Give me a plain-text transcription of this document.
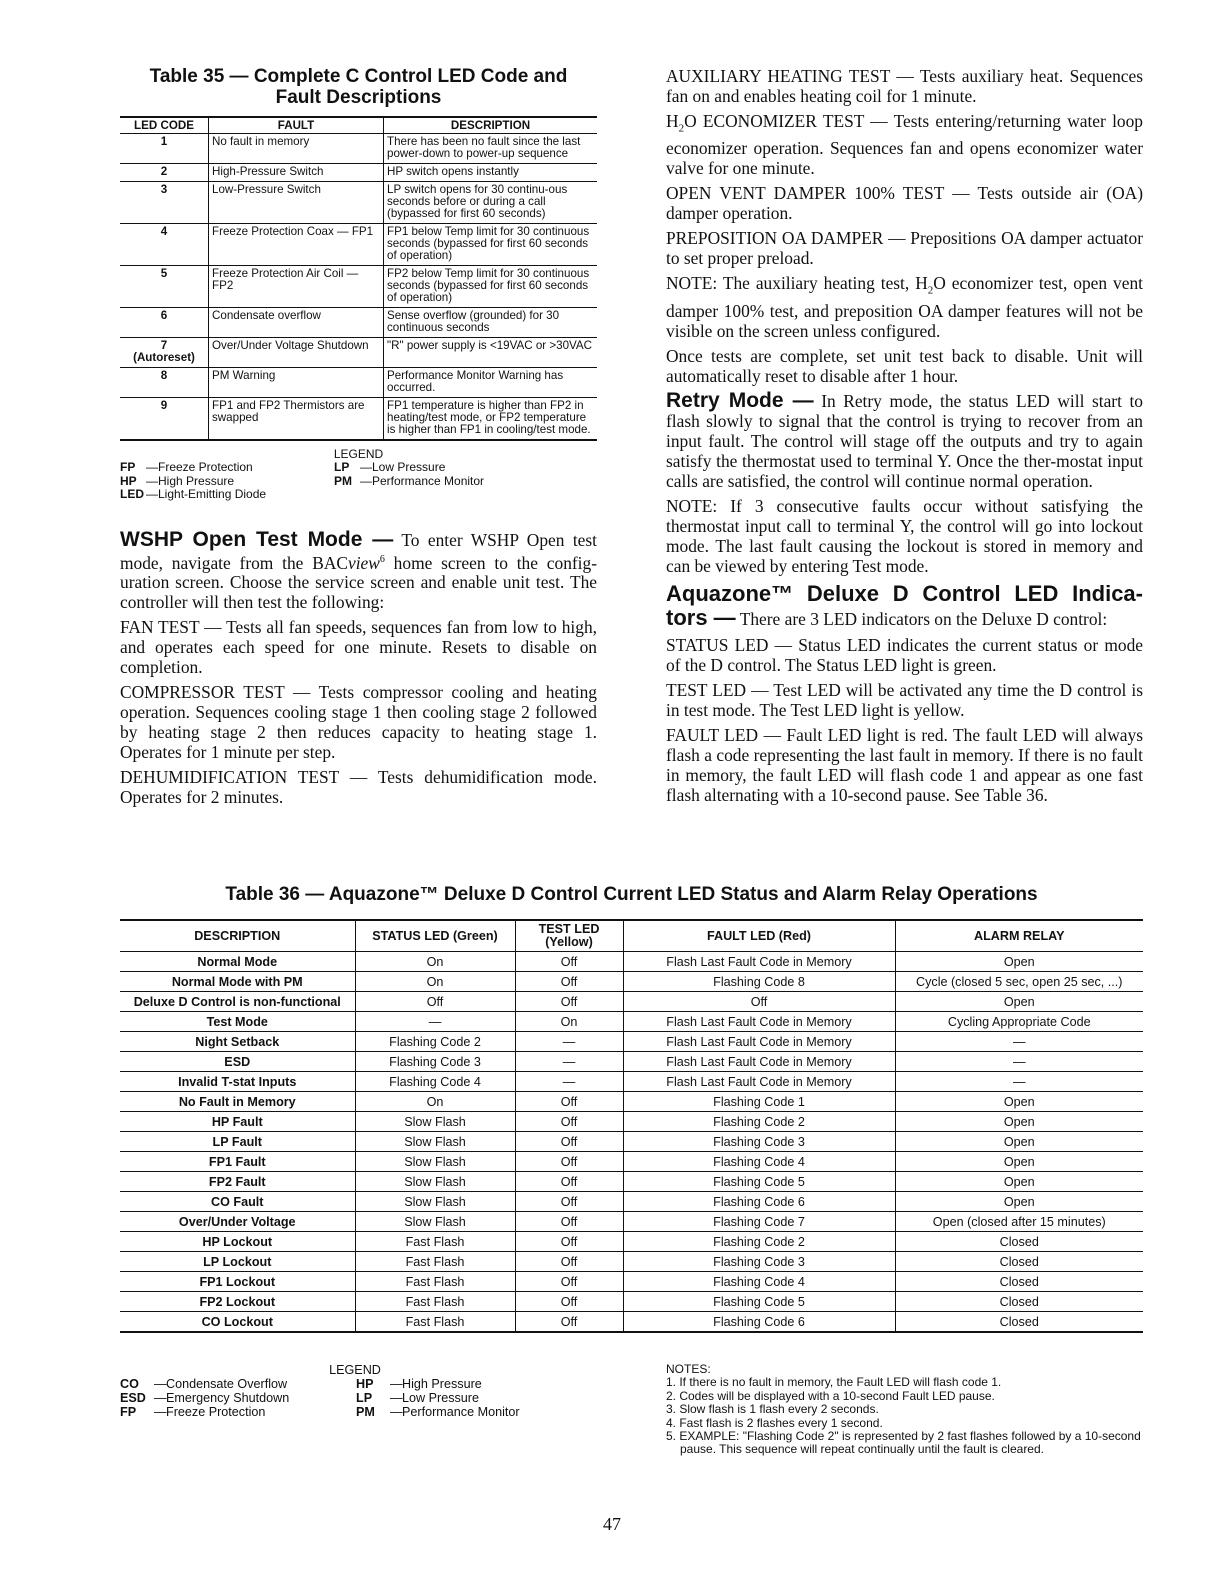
Table 35 — Complete C Control LED Code and
Fault Descriptions
LED CODE	FAULT	DESCRIPTION
1	No fault in memory	There has been no fault since the last power-down to power-up sequence
2	High-Pressure Switch	HP switch opens instantly
3	Low-Pressure Switch	LP switch opens for 30 continu-ous seconds before or during a call (bypassed for first 60 seconds)
4	Freeze Protection Coax — FP1	FP1 below Temp limit for 30 continuous seconds (bypassed for first 60 seconds of operation)
5	Freeze Protection Air Coil — FP2	FP2 below Temp limit for 30 continuous seconds (bypassed for first 60 seconds of operation)
6	Condensate overflow	Sense overflow (grounded) for 30 continuous seconds
7
(Autoreset)	Over/Under Voltage Shutdown	"R" power supply is <19VAC or >30VAC
8	PM Warning	Performance Monitor Warning has occurred.
9	FP1 and FP2 Thermistors are swapped	FP1 temperature is higher than FP2 in heating/test mode, or FP2 temperature is higher than FP1 in cooling/test mode.
LEGEND
FP — Freeze Protection	LP — Low Pressure
HP — High Pressure	PM — Performance Monitor
LED — Light-Emitting Diode

WSHP Open Test Mode — To enter WSHP Open test mode, navigate from the BACview$^6$ home screen to the config-uration screen. Choose the service screen and enable unit test. The controller will then test the following:

FAN TEST — Tests all fan speeds, sequences fan from low to high, and operates each speed for one minute. Resets to disable on completion.

COMPRESSOR TEST — Tests compressor cooling and heating operation. Sequences cooling stage 1 then cooling stage 2 followed by heating stage 2 then reduces capacity to heating stage 1. Operates for 1 minute per step.

DEHUMIDIFICATION TEST — Tests dehumidification mode. Operates for 2 minutes.

AUXILIARY HEATING TEST — Tests auxiliary heat. Sequences fan on and enables heating coil for 1 minute.

$H_2O$ ECONOMIZER TEST — Tests entering/returning water loop economizer operation. Sequences fan and opens economizer water valve for one minute.

OPEN VENT DAMPER 100% TEST — Tests outside air (OA) damper operation.

PREPOSITION OA DAMPER — Prepositions OA damper actuator to set proper preload.

NOTE: The auxiliary heating test, $H_2O$ economizer test, open vent damper 100% test, and preposition OA damper features will not be visible on the screen unless configured.

Once tests are complete, set unit test back to disable. Unit will automatically reset to disable after 1 hour.

Retry Mode — In Retry mode, the status LED will start to flash slowly to signal that the control is trying to recover from an input fault. The control will stage off the outputs and try to again satisfy the thermostat used to terminal Y. Once the ther-mostat input calls are satisfied, the control will continue normal operation.

NOTE: If 3 consecutive faults occur without satisfying the thermostat input call to terminal Y, the control will go into lockout mode. The last fault causing the lockout is stored in memory and can be viewed by entering Test mode.

Aquazone™ Deluxe D Control LED Indica-tors — There are 3 LED indicators on the Deluxe D control:

STATUS LED — Status LED indicates the current status or mode of the D control. The Status LED light is green.

TEST LED — Test LED will be activated any time the D control is in test mode. The Test LED light is yellow.

FAULT LED — Fault LED light is red. The fault LED will always flash a code representing the last fault in memory. If there is no fault in memory, the fault LED will flash code 1 and appear as one fast flash alternating with a 10-second pause. See Table 36.

Table 36 — Aquazone™ Deluxe D Control Current LED Status and Alarm Relay Operations
DESCRIPTION	STATUS LED (Green)	TEST LED (Yellow)	FAULT LED (Red)	ALARM RELAY
Normal Mode	On	Off	Flash Last Fault Code in Memory	Open
Normal Mode with PM	On	Off	Flashing Code 8	Cycle (closed 5 sec, open 25 sec, ...)
Deluxe D Control is non-functional	Off	Off	Off	Open
Test Mode	—	On	Flash Last Fault Code in Memory	Cycling Appropriate Code
Night Setback	Flashing Code 2	—	Flash Last Fault Code in Memory	—
ESD	Flashing Code 3	—	Flash Last Fault Code in Memory	—
Invalid T-stat Inputs	Flashing Code 4	—	Flash Last Fault Code in Memory	—
No Fault in Memory	On	Off	Flashing Code 1	Open
HP Fault	Slow Flash	Off	Flashing Code 2	Open
LP Fault	Slow Flash	Off	Flashing Code 3	Open
FP1 Fault	Slow Flash	Off	Flashing Code 4	Open
FP2 Fault	Slow Flash	Off	Flashing Code 5	Open
CO Fault	Slow Flash	Off	Flashing Code 6	Open
Over/Under Voltage	Slow Flash	Off	Flashing Code 7	Open (closed after 15 minutes)
HP Lockout	Fast Flash	Off	Flashing Code 2	Closed
LP Lockout	Fast Flash	Off	Flashing Code 3	Closed
FP1 Lockout	Fast Flash	Off	Flashing Code 4	Closed
FP2 Lockout	Fast Flash	Off	Flashing Code 5	Closed
CO Lockout	Fast Flash	Off	Flashing Code 6	Closed
LEGEND
CO	— Condensate Overflow	HP	— High Pressure
ESD — Emergency Shutdown	LP	— Low Pressure
FP	— Freeze Protection	PM	— Performance Monitor
NOTES:
1. If there is no fault in memory, the Fault LED will flash code 1.
2. Codes will be displayed with a 10-second Fault LED pause.
3. Slow flash is 1 flash every 2 seconds.
4. Fast flash is 2 flashes every 1 second.
5. EXAMPLE: "Flashing Code 2" is represented by 2 fast flashes followed by a 10-second pause. This sequence will repeat continually until the fault is cleared.
47
